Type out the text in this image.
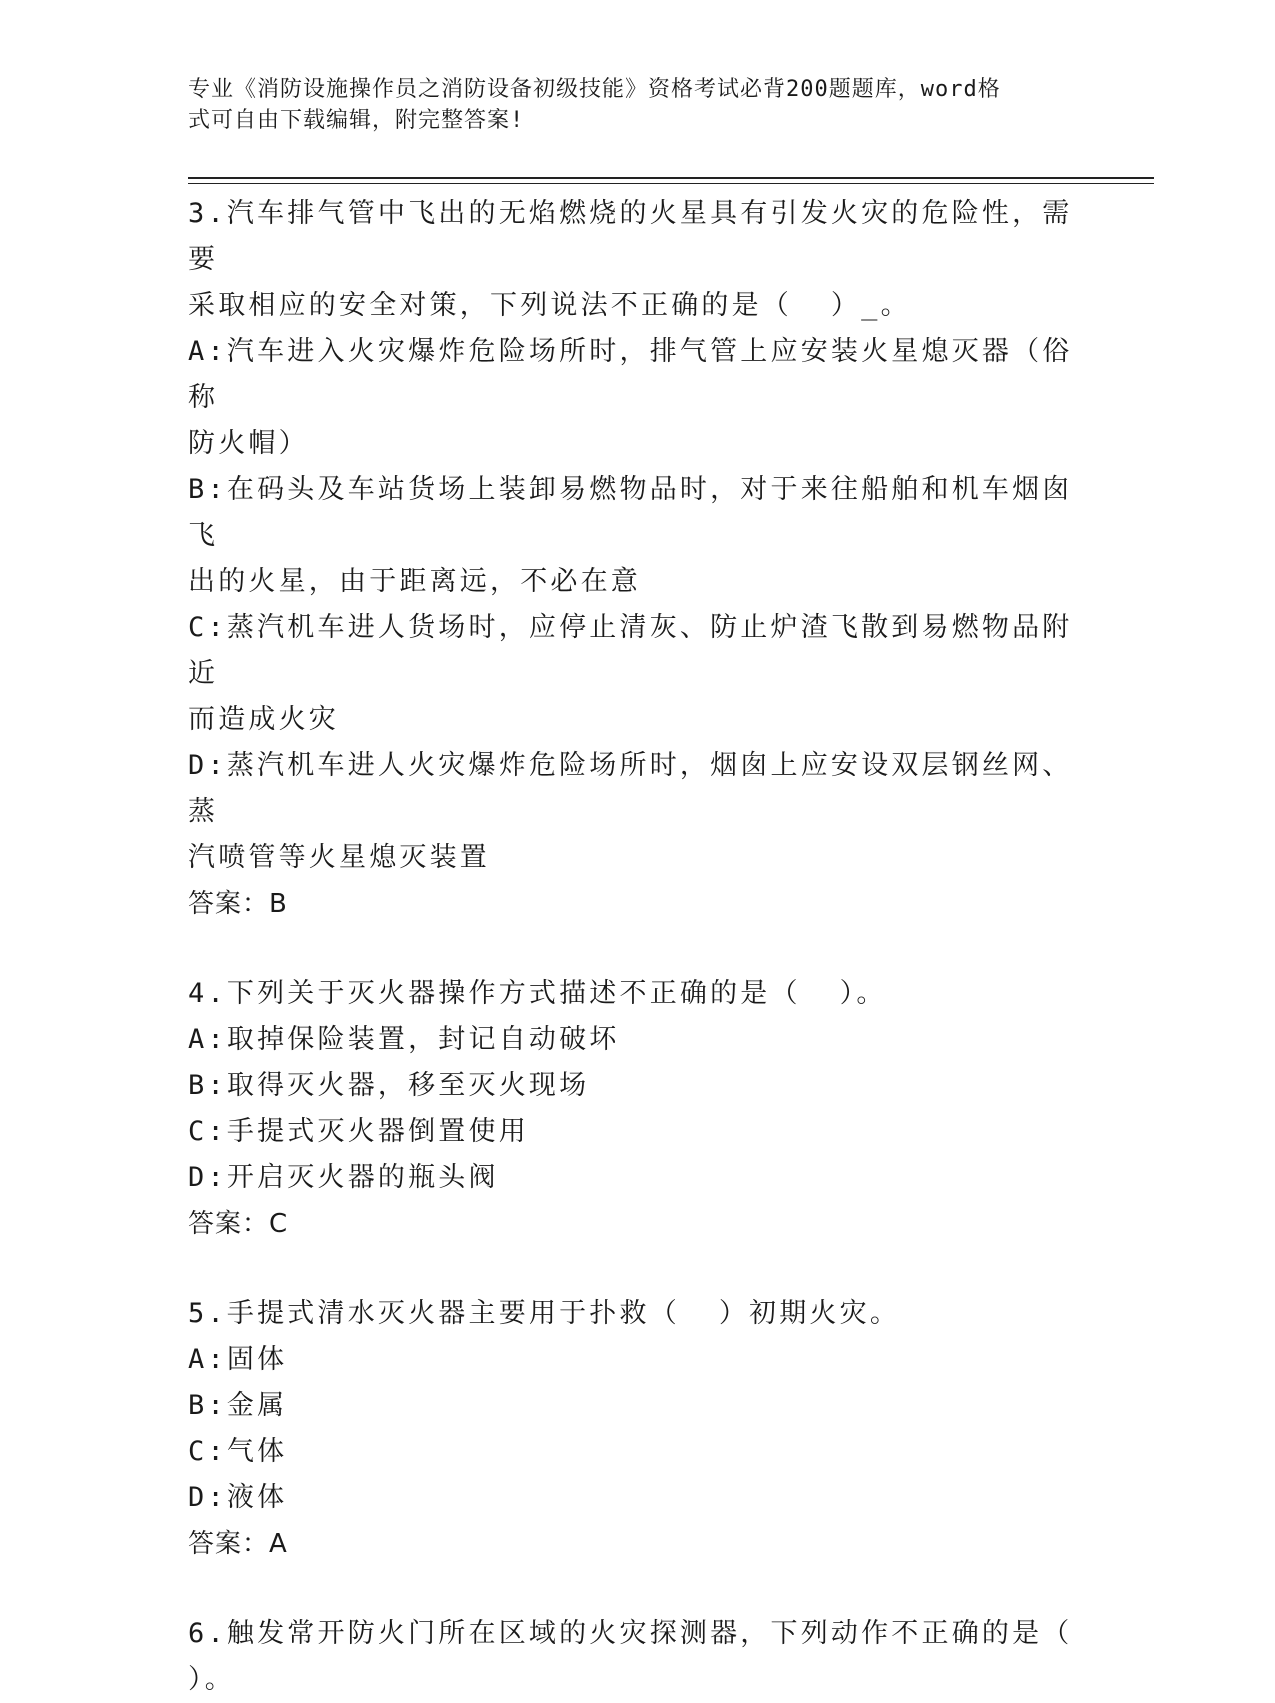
专业《消防设施操作员之消防设备初级技能》资格考试必背200题题库，word格
式可自由下载编辑，附完整答案!
3.汽车排气管中飞出的无焰燃烧的火星具有引发火灾的危险性，需要
采取相应的安全对策，下列说法不正确的是（  ）_。
A:汽车进入火灾爆炸危险场所时，排气管上应安装火星熄灭器（俗称
防火帽）
B:在码头及车站货场上装卸易燃物品时，对于来往船舶和机车烟囱飞
出的火星，由于距离远，不必在意
C:蒸汽机车进人货场时，应停止清灰、防止炉渣飞散到易燃物品附近
而造成火灾
D:蒸汽机车进人火灾爆炸危险场所时，烟囱上应安设双层钢丝网、蒸
汽喷管等火星熄灭装置
答案：B
4.下列关于灭火器操作方式描述不正确的是（  ）。
A:取掉保险装置，封记自动破坏
B:取得灭火器，移至灭火现场
C:手提式灭火器倒置使用
D:开启灭火器的瓶头阀
答案：C
5.手提式清水灭火器主要用于扑救（  ）初期火灾。
A:固体
B:金属
C:气体
D:液体
答案：A
6.触发常开防火门所在区域的火灾探测器，下列动作不正确的是（
）。
